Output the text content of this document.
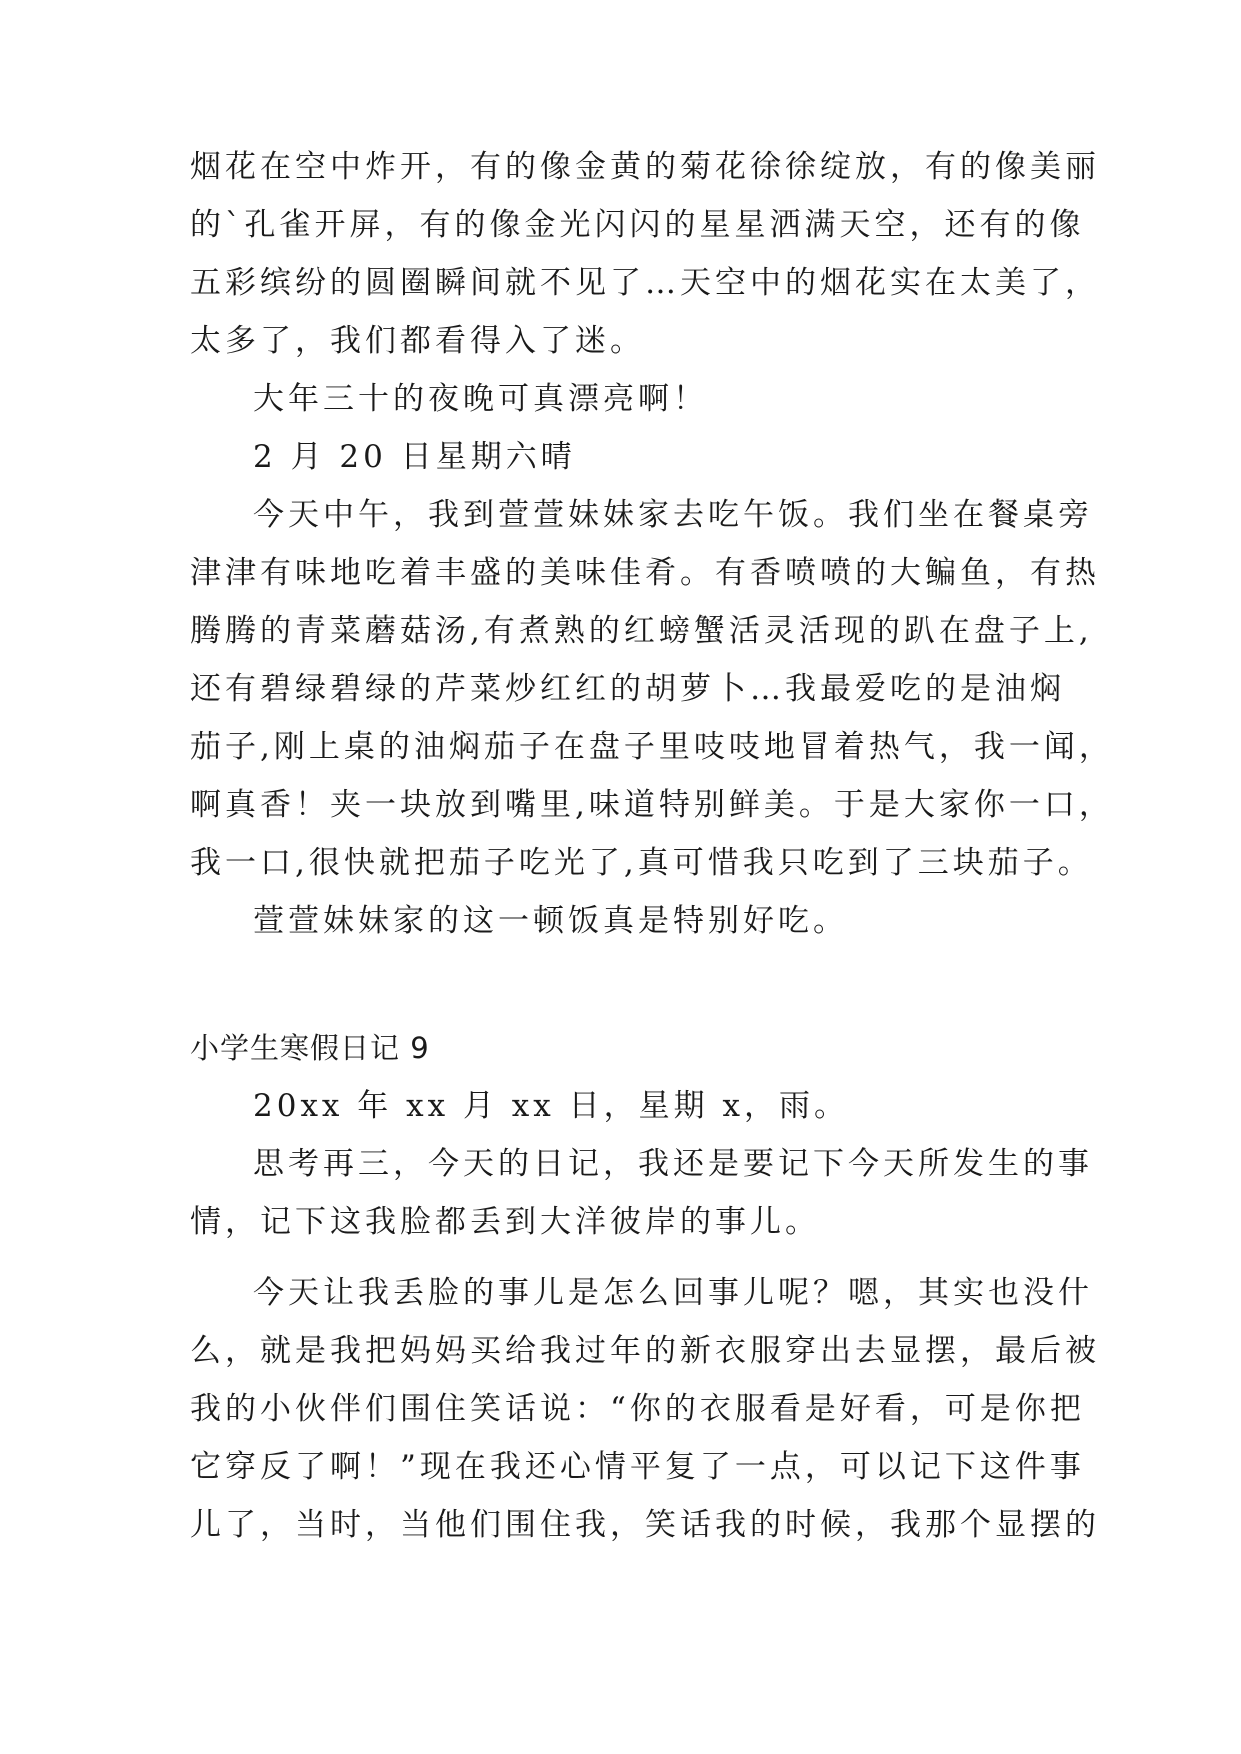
烟花在空中炸开，有的像金黄的菊花徐徐绽放，有的像美丽
的`孔雀开屏，有的像金光闪闪的星星洒满天空，还有的像
五彩缤纷的圆圈瞬间就不见了…天空中的烟花实在太美了，
太多了，我们都看得入了迷。
大年三十的夜晚可真漂亮啊！
2 月 20 日星期六晴
今天中午，我到萱萱妹妹家去吃午饭。我们坐在餐桌旁
津津有味地吃着丰盛的美味佳肴。有香喷喷的大鳊鱼，有热
腾腾的青菜蘑菇汤,有煮熟的红螃蟹活灵活现的趴在盘子上,
还有碧绿碧绿的芹菜炒红红的胡萝卜…我最爱吃的是油焖
茄子,刚上桌的油焖茄子在盘子里吱吱地冒着热气，我一闻，
啊真香！夹一块放到嘴里,味道特别鲜美。于是大家你一口，
我一口,很快就把茄子吃光了,真可惜我只吃到了三块茄子。
萱萱妹妹家的这一顿饭真是特别好吃。
小学生寒假日记 9
20xx 年 xx 月 xx 日，星期 x，雨。
思考再三，今天的日记，我还是要记下今天所发生的事
情，记下这我脸都丢到大洋彼岸的事儿。
今天让我丢脸的事儿是怎么回事儿呢？嗯，其实也没什
么，就是我把妈妈买给我过年的新衣服穿出去显摆，最后被
我的小伙伴们围住笑话说：“你的衣服看是好看，可是你把
它穿反了啊！”现在我还心情平复了一点，可以记下这件事
儿了，当时，当他们围住我，笑话我的时候，我那个显摆的
